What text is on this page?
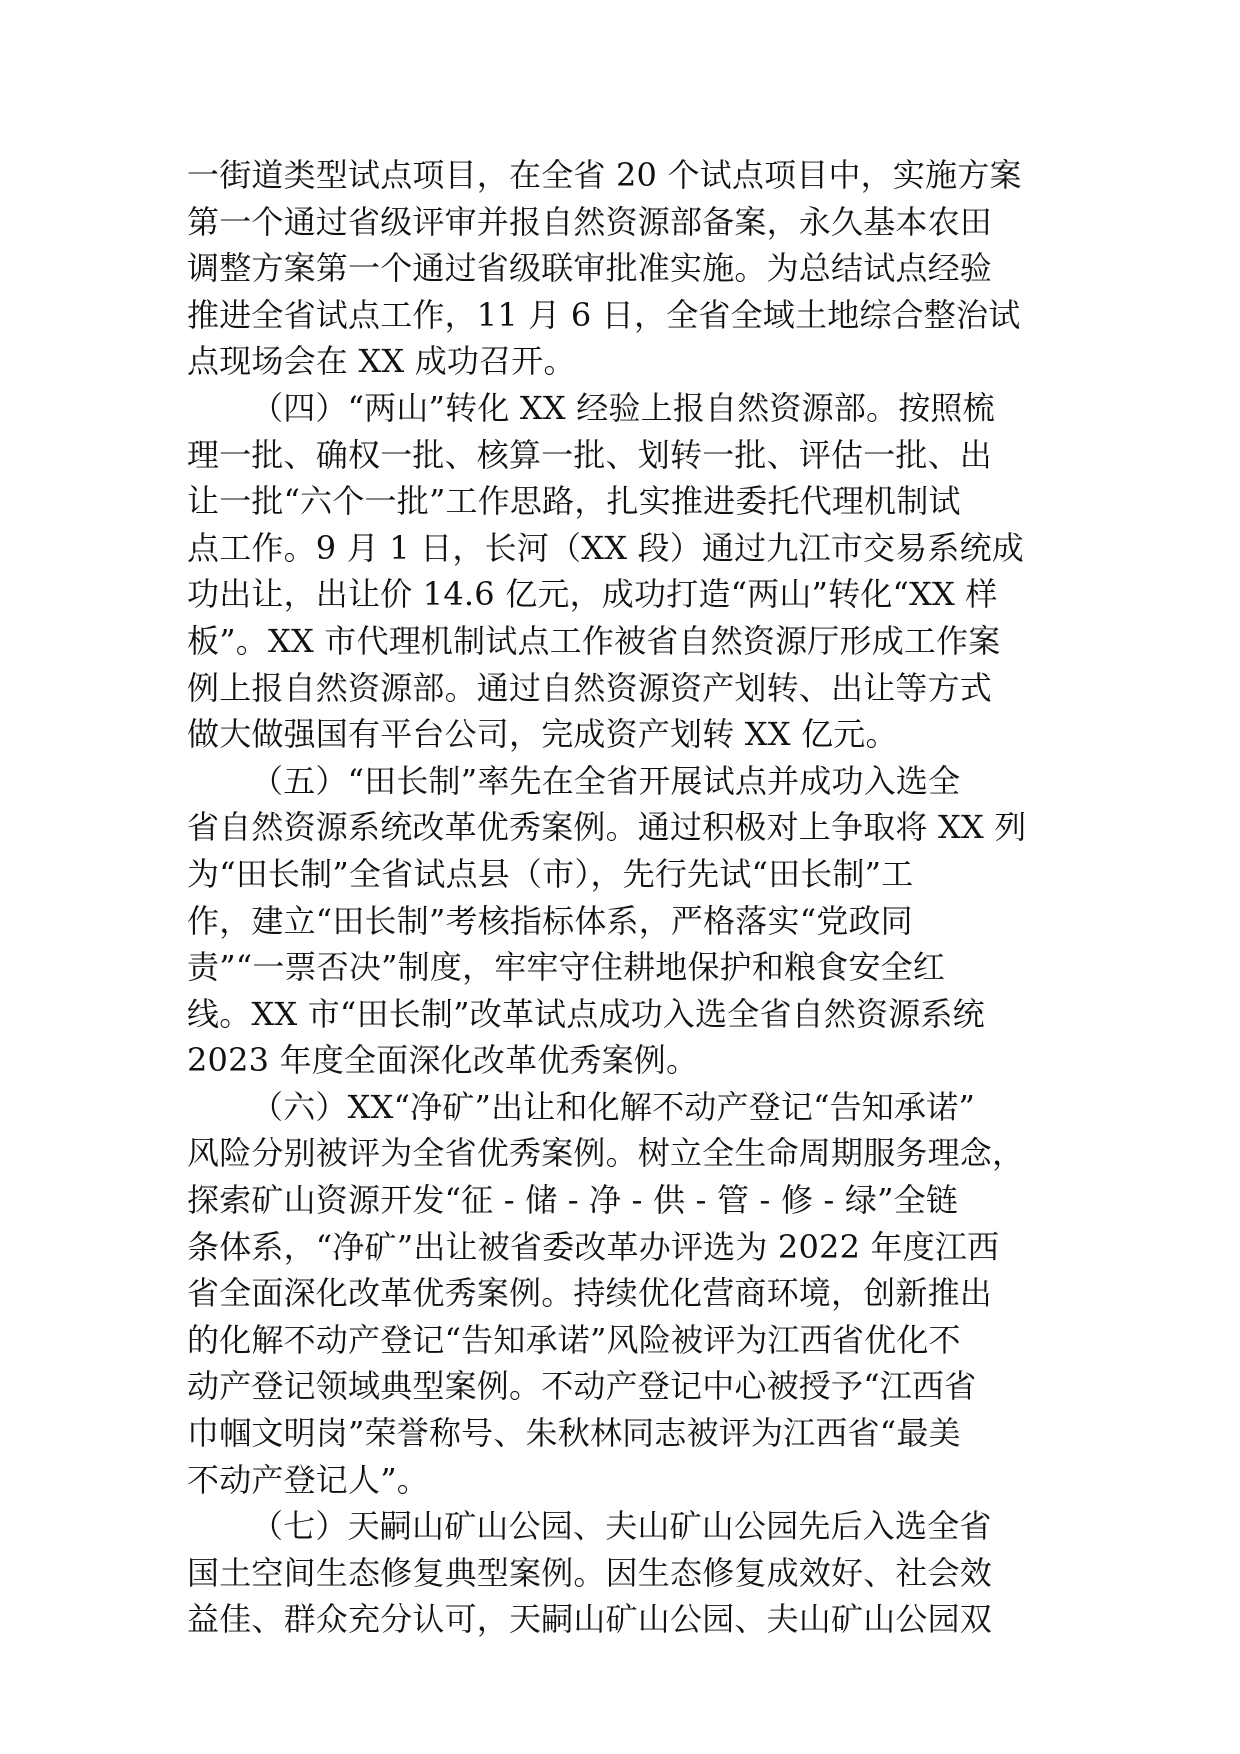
一街道类型试点项目，在全省 20 个试点项目中，实施方案
第一个通过省级评审并报自然资源部备案，永久基本农田
调整方案第一个通过省级联审批准实施。为总结试点经验
推进全省试点工作，11 月 6 日，全省全域土地综合整治试
点现场会在 XX 成功召开。
（四）“两山”转化 XX 经验上报自然资源部。按照梳
理一批、确权一批、核算一批、划转一批、评估一批、出
让一批“六个一批”工作思路，扎实推进委托代理机制试
点工作。9 月 1 日，长河（XX 段）通过九江市交易系统成
功出让，出让价 14.6 亿元，成功打造“两山”转化“XX 样
板”。XX 市代理机制试点工作被省自然资源厅形成工作案
例上报自然资源部。通过自然资源资产划转、出让等方式
做大做强国有平台公司，完成资产划转 XX 亿元。
（五）“田长制”率先在全省开展试点并成功入选全
省自然资源系统改革优秀案例。通过积极对上争取将 XX 列
为“田长制”全省试点县（市），先行先试“田长制”工
作，建立“田长制”考核指标体系，严格落实“党政同
责”“一票否决”制度，牢牢守住耕地保护和粮食安全红
线。XX 市“田长制”改革试点成功入选全省自然资源系统
2023 年度全面深化改革优秀案例。
（六）XX“净矿”出让和化解不动产登记“告知承诺”
风险分别被评为全省优秀案例。树立全生命周期服务理念，
探索矿山资源开发“征 - 储 - 净 - 供 - 管 - 修 - 绿”全链
条体系，“净矿”出让被省委改革办评选为 2022 年度江西
省全面深化改革优秀案例。持续优化营商环境，创新推出
的化解不动产登记“告知承诺”风险被评为江西省优化不
动产登记领域典型案例。不动产登记中心被授予“江西省
巾帼文明岗”荣誉称号、朱秋林同志被评为江西省“最美
不动产登记人”。
（七）天嗣山矿山公园、夫山矿山公园先后入选全省
国土空间生态修复典型案例。因生态修复成效好、社会效
益佳、群众充分认可，天嗣山矿山公园、夫山矿山公园双
